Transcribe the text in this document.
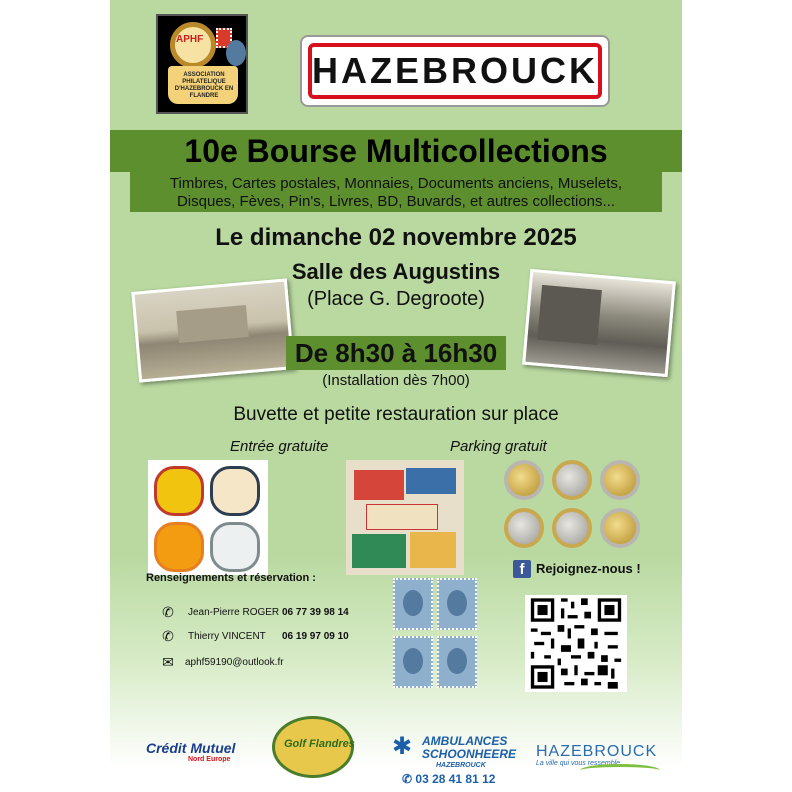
APHF
ASSOCIATION PHILATELIQUE D'HAZEBROUCK EN FLANDRE
HAZEBROUCK
10e Bourse Multicollections
Timbres, Cartes postales, Monnaies, Documents anciens, Muselets,
Disques, Fèves, Pin's, Livres, BD, Buvards, et autres collections...
Le dimanche 02 novembre 2025
Salle des Augustins
(Place G. Degroote)
De 8h30 à 16h30
(Installation dès 7h00)
Buvette et petite restauration sur place
Entrée gratuite	Parking gratuit
f Rejoignez-nous !
Renseignements et réservation :
✆ Jean-Pierre ROGER 06 77 39 98 14
✆ Thierry VINCENT 06 19 97 09 10
✉ aphf59190@outlook.fr
Crédit Mutuel
Nord Europe
Golf Flandres ✱ AMBULANCES
SCHOONHEERE
HAZEBROUCK
✆ 03 28 41 81 12
HAZEBROUCK
La ville qui vous ressemble
